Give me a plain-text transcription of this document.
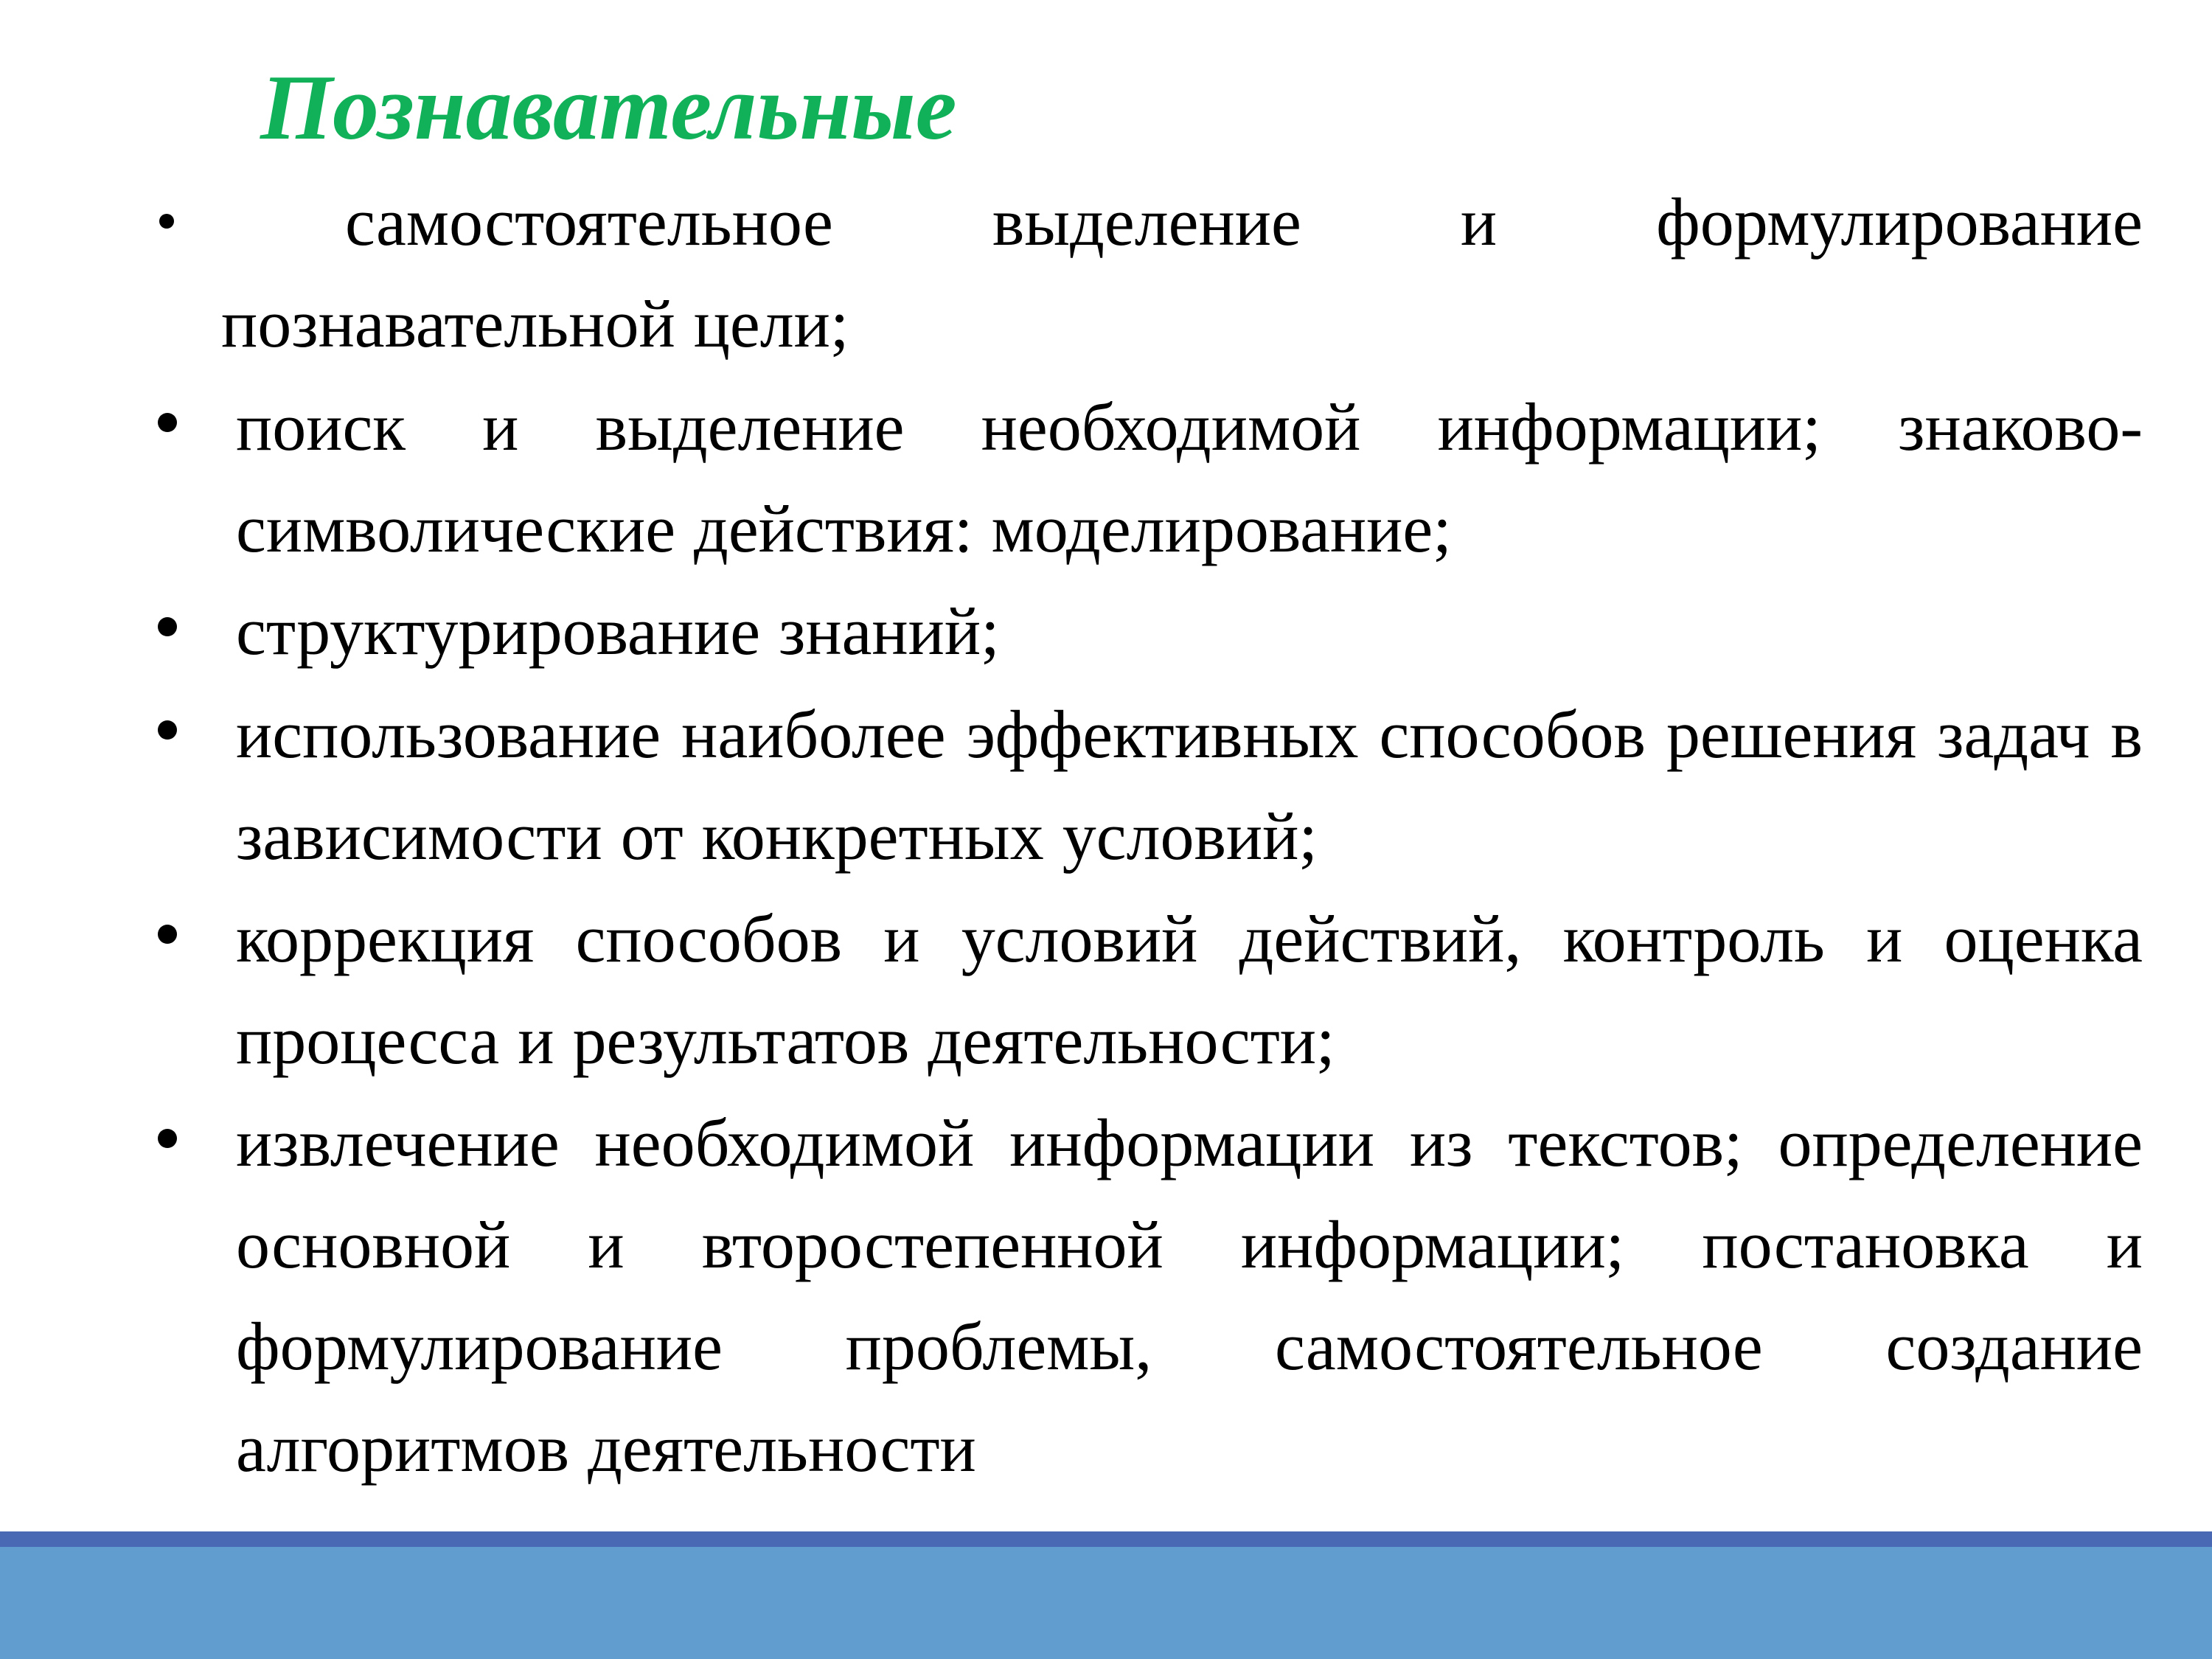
Познавательные

самостоятельное выделение и формулирование познавательной цели;

поиск и выделение необходимой информации; знаково-символические действия: моделирование;

структурирование знаний;

использование наиболее эффективных способов решения задач в зависимости от конкретных условий;

коррекция способов и условий действий, контроль и оценка процесса и результатов деятельности;

извлечение необходимой информации из текстов; определение основной и второстепенной информации; постановка и формулирование проблемы, самостоятельное создание алгоритмов деятельности
